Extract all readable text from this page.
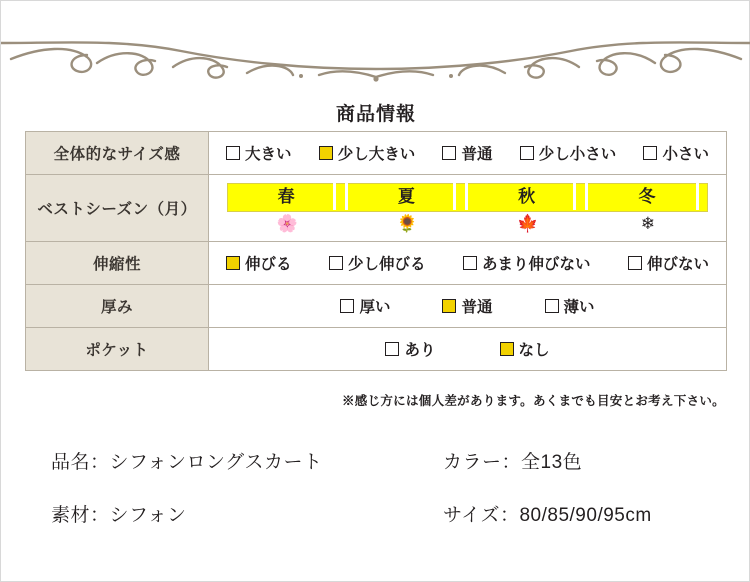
商品情報
全体的なサイズ感	大きい 少し大きい 普通 少し小さい 小さい

ベストシーズン（月）	
春	夏	秋	冬
🌸	🌻	🍁	❄

伸縮性	伸びる 少し伸びる あまり伸びない 伸びない

厚み	厚い 普通 薄い

ポケット	あり なし
※感じ方には個人差があります。あくまでも目安とお考え下さい。
品名：シフォンロングスカート	カラー：全13色
素材：シフォン	サイズ：80/85/90/95cm
